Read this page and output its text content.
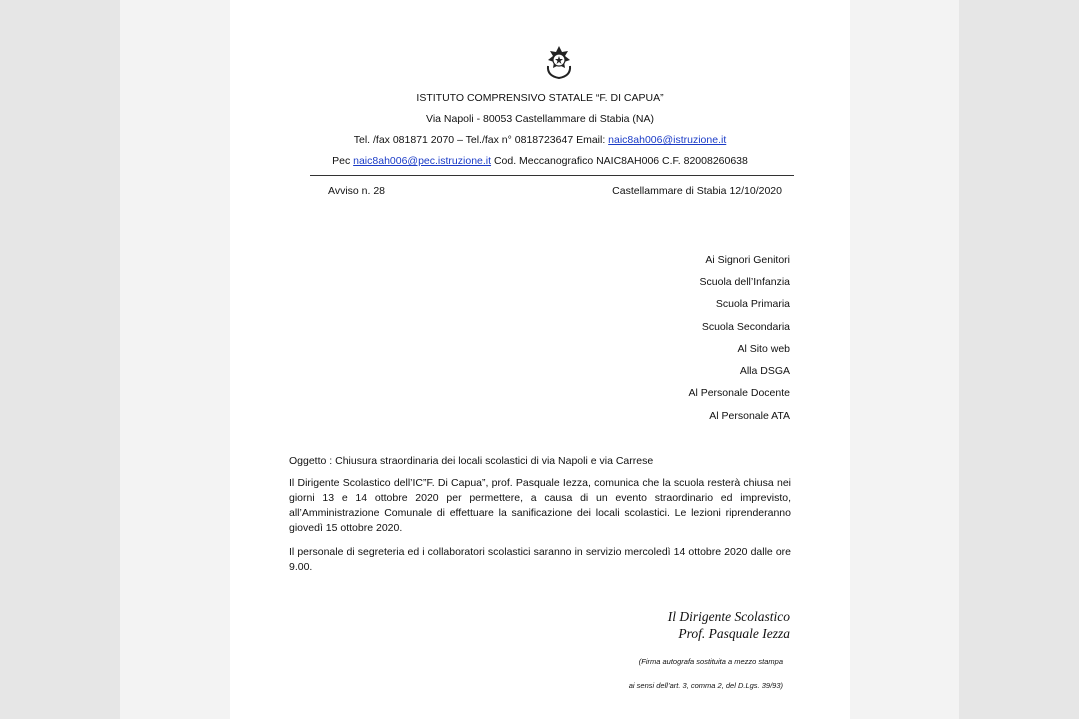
ISTITUTO COMPRENSIVO STATALE “F. DI CAPUA”
Via Napoli - 80053 Castellammare di Stabia (NA)
Tel. /fax 081871 2070 – Tel./fax n° 0818723647 Email: naic8ah006@istruzione.it
Pec naic8ah006@pec.istruzione.it Cod. Meccanografico NAIC8AH006 C.F. 82008260638
Avviso n. 28	Castellammare di Stabia 12/10/2020
Ai Signori Genitori
Scuola dell’Infanzia
Scuola Primaria
Scuola Secondaria
Al Sito web
Alla DSGA
Al Personale Docente
Al Personale ATA
Oggetto : Chiusura straordinaria dei locali scolastici di via Napoli e via Carrese
Il Dirigente Scolastico dell’IC”F. Di Capua”, prof. Pasquale Iezza, comunica che la scuola resterà chiusa nei giorni 13 e 14 ottobre 2020 per permettere, a causa di un evento straordinario ed imprevisto, all’Amministrazione Comunale di effettuare la sanificazione dei locali scolastici. Le lezioni riprenderanno giovedì 15 ottobre 2020.
Il personale di segreteria ed i collaboratori scolastici saranno in servizio mercoledì 14 ottobre 2020 dalle ore 9.00.
Il Dirigente Scolastico
Prof. Pasquale Iezza
(Firma autografa sostituita a mezzo stampa
ai sensi dell’art. 3, comma 2, del D.Lgs. 39/93)
